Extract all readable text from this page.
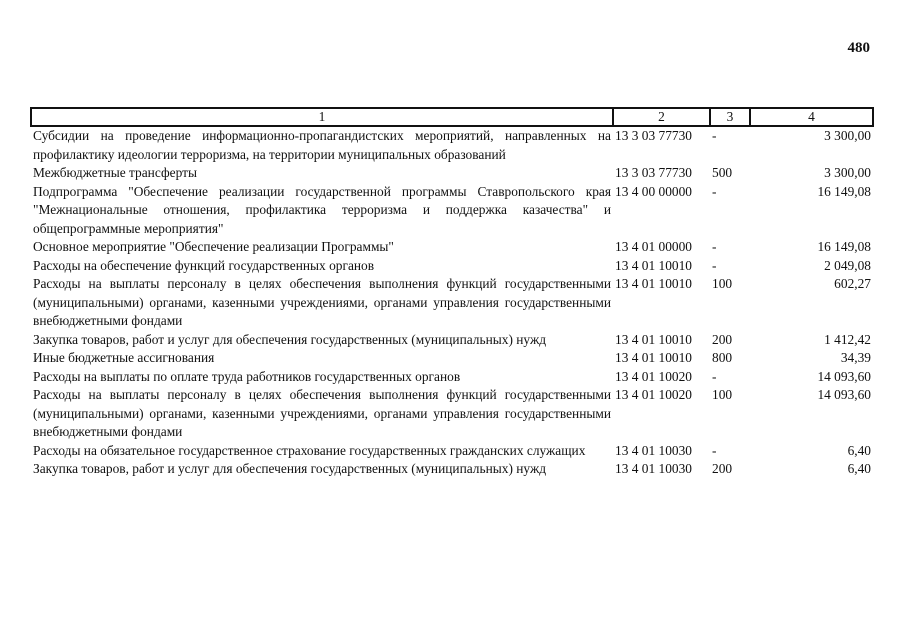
480
1	2	3	4
Субсидии на проведение информационно-пропагандистских мероприятий, направленных на профилактику идеологии терроризма, на территории муниципальных образований	13 3 03 77730	-	3 300,00
Межбюджетные трансферты	13 3 03 77730	500	3 300,00
Подпрограмма "Обеспечение реализации государственной программы Ставропольского края "Межнациональные отношения, профилактика терроризма и поддержка казачества" и общепрограммные мероприятия"	13 4 00 00000	-	16 149,08
Основное мероприятие "Обеспечение реализации Программы"	13 4 01 00000	-	16 149,08
Расходы на обеспечение функций государственных органов	13 4 01 10010	-	2 049,08
Расходы на выплаты персоналу в целях обеспечения выполнения функций государственными (муниципальными) органами, казенными учреждениями, органами управления государственными внебюджетными фондами	13 4 01 10010	100	602,27
Закупка товаров, работ и услуг для обеспечения государственных (муниципальных) нужд	13 4 01 10010	200	1 412,42
Иные бюджетные ассигнования	13 4 01 10010	800	34,39
Расходы на выплаты по оплате труда работников государственных органов	13 4 01 10020	-	14 093,60
Расходы на выплаты персоналу в целях обеспечения выполнения функций государственными (муниципальными) органами, казенными учреждениями, органами управления государственными внебюджетными фондами	13 4 01 10020	100	14 093,60
Расходы на обязательное государственное страхование государственных гражданских служащих	13 4 01 10030	-	6,40
Закупка товаров, работ и услуг для обеспечения государственных (муниципальных) нужд	13 4 01 10030	200	6,40
